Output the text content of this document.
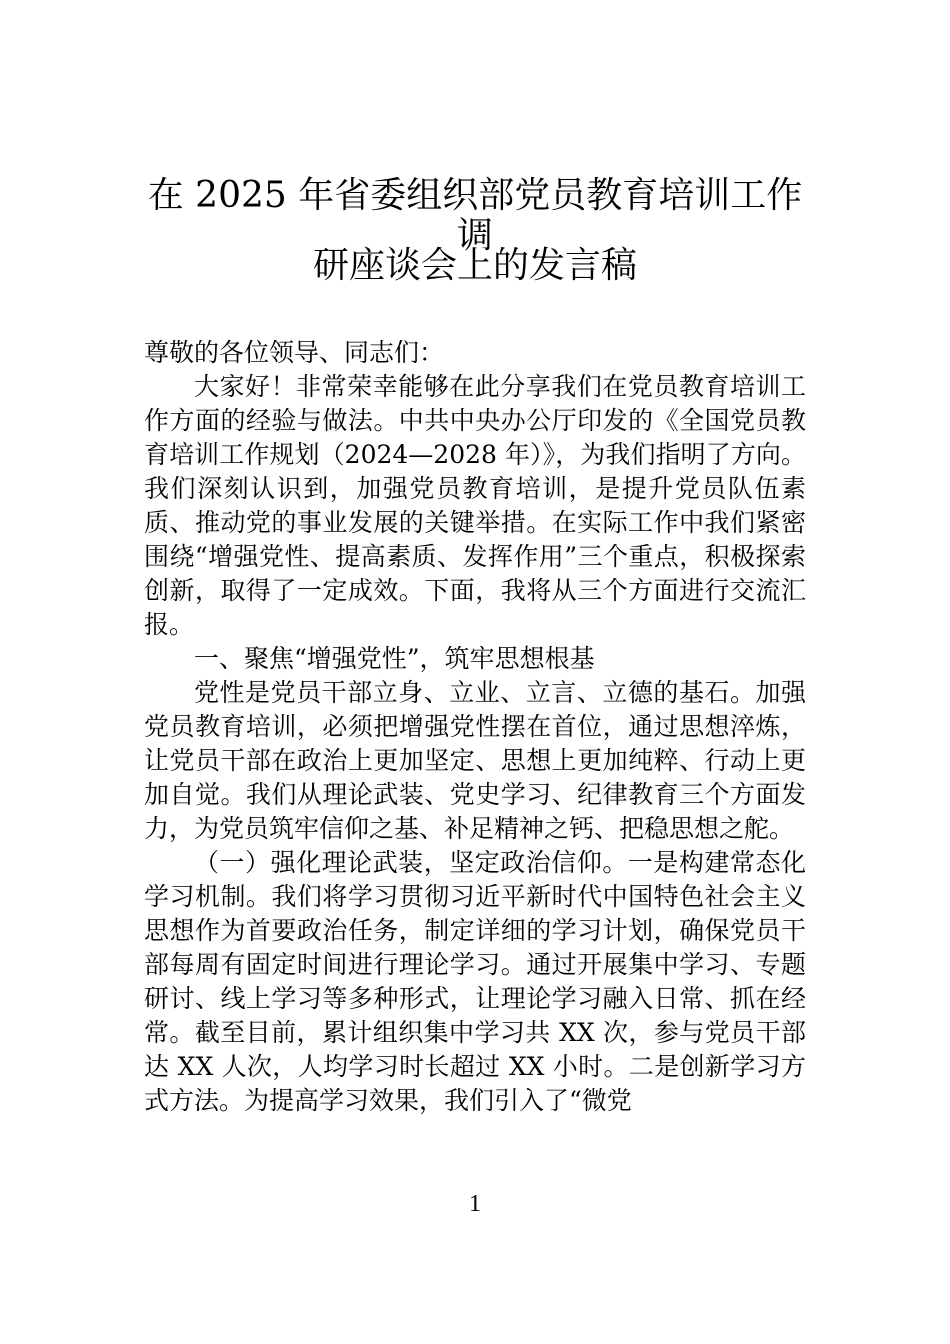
在 2025 年省委组织部党员教育培训工作调
研座谈会上的发言稿

尊敬的各位领导、同志们：

大家好！非常荣幸能够在此分享我们在党员教育培训工作方面的经验与做法。中共中央办公厅印发的《全国党员教育培训工作规划（2024—2028 年）》，为我们指明了方向。我们深刻认识到，加强党员教育培训，是提升党员队伍素质、推动党的事业发展的关键举措。在实际工作中我们紧密围绕“增强党性、提高素质、发挥作用”三个重点，积极探索创新，取得了一定成效。下面，我将从三个方面进行交流汇报。

一、聚焦“增强党性”，筑牢思想根基

党性是党员干部立身、立业、立言、立德的基石。加强党员教育培训，必须把增强党性摆在首位，通过思想淬炼，让党员干部在政治上更加坚定、思想上更加纯粹、行动上更加自觉。我们从理论武装、党史学习、纪律教育三个方面发力，为党员筑牢信仰之基、补足精神之钙、把稳思想之舵。

（一）强化理论武装，坚定政治信仰。一是构建常态化学习机制。我们将学习贯彻习近平新时代中国特色社会主义思想作为首要政治任务，制定详细的学习计划，确保党员干部每周有固定时间进行理论学习。通过开展集中学习、专题研讨、线上学习等多种形式，让理论学习融入日常、抓在经常。截至目前，累计组织集中学习共 XX 次，参与党员干部达 XX 人次，人均学习时长超过 XX 小时。二是创新学习方式方法。为提高学习效果，我们引入了“微党

1
